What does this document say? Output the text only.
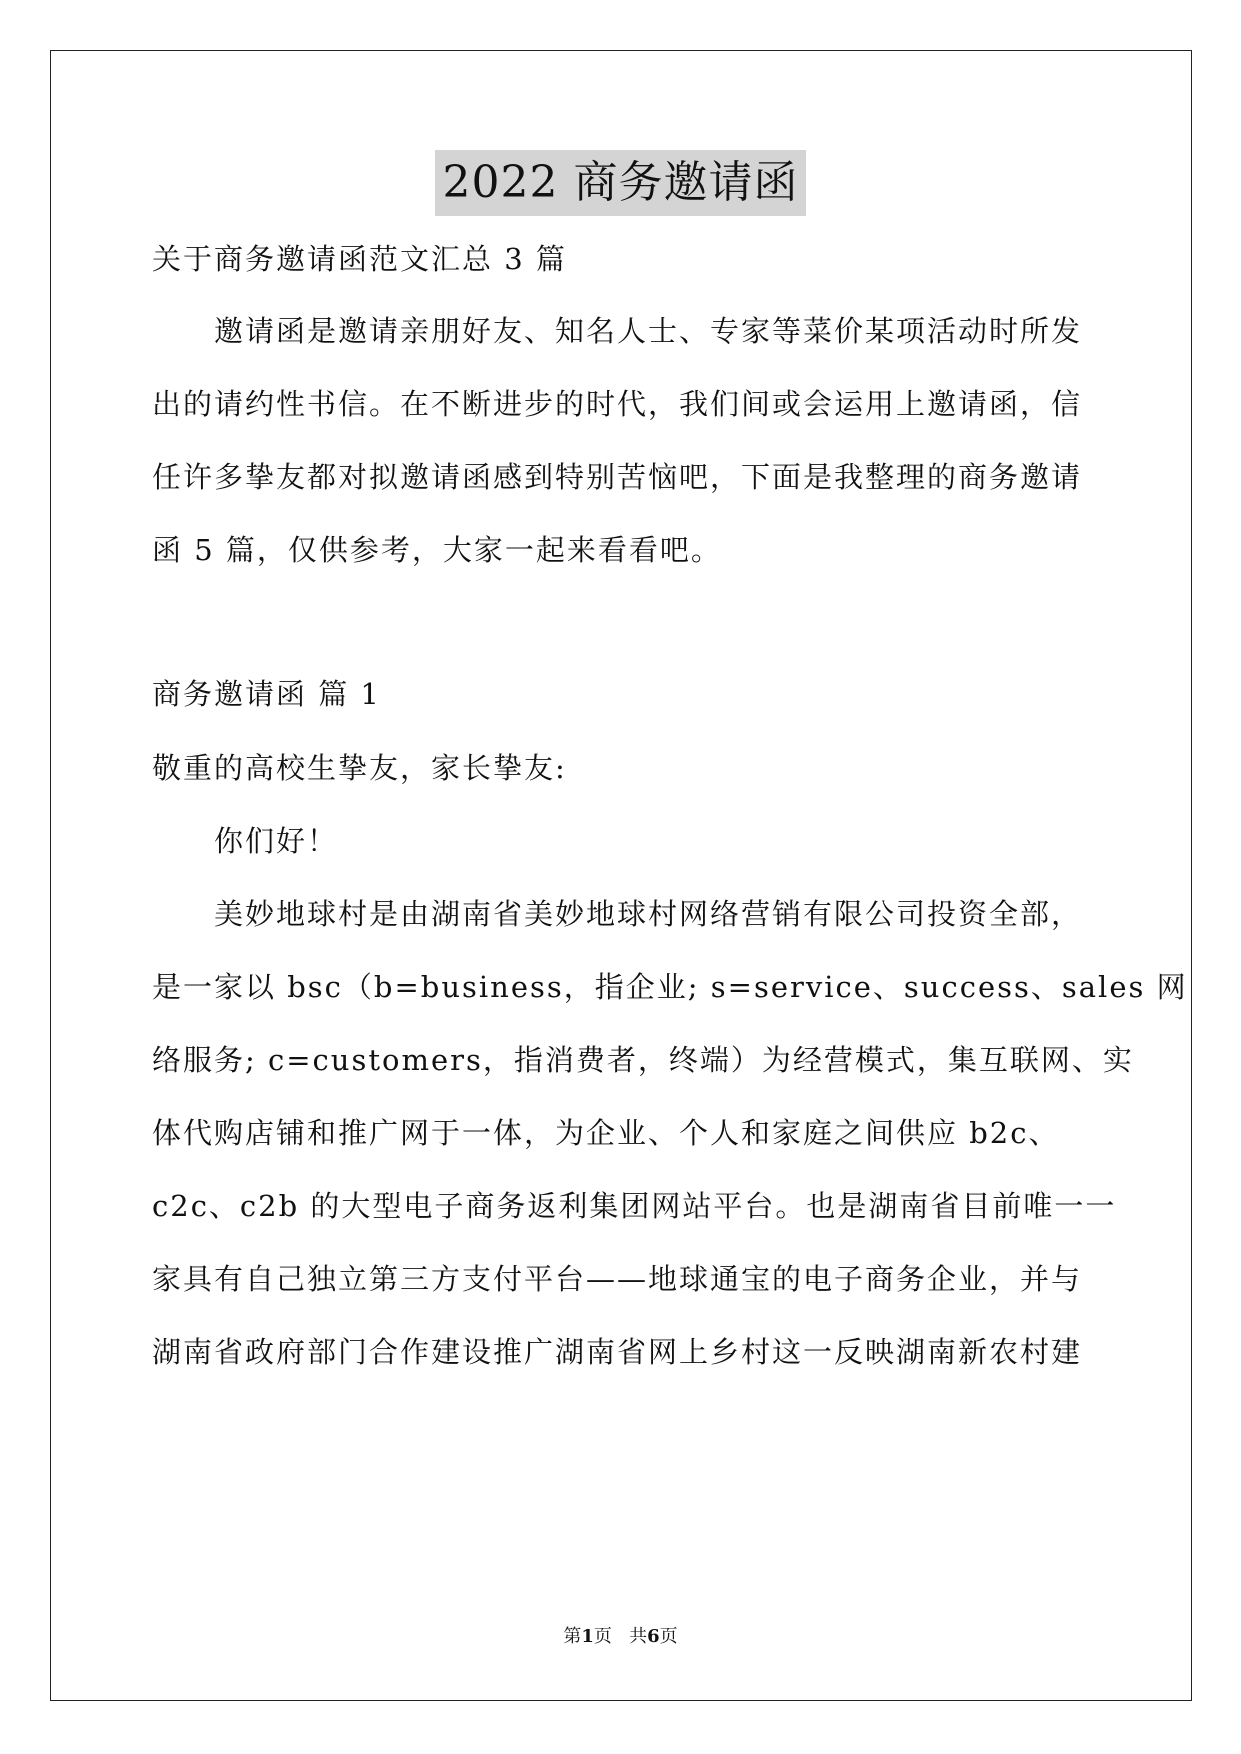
2022 商务邀请函
关于商务邀请函范文汇总 3 篇
邀请函是邀请亲朋好友、知名人士、专家等菜价某项活动时所发
出的请约性书信。在不断进步的时代，我们间或会运用上邀请函，信
任许多挚友都对拟邀请函感到特别苦恼吧，下面是我整理的商务邀请
函 5 篇，仅供参考，大家一起来看看吧。
商务邀请函 篇 1
敬重的高校生挚友，家长挚友:
你们好！
美妙地球村是由湖南省美妙地球村网络营销有限公司投资全部，
是一家以 bsc（b=business，指企业; s=service、success、sales 网
络服务; c=customers，指消费者，终端）为经营模式，集互联网、实
体代购店铺和推广网于一体，为企业、个人和家庭之间供应 b2c、
c2c、c2b 的大型电子商务返利集团网站平台。也是湖南省目前唯一一
家具有自己独立第三方支付平台——地球通宝的电子商务企业，并与
湖南省政府部门合作建设推广湖南省网上乡村这一反映湖南新农村建
第1页 共6页
